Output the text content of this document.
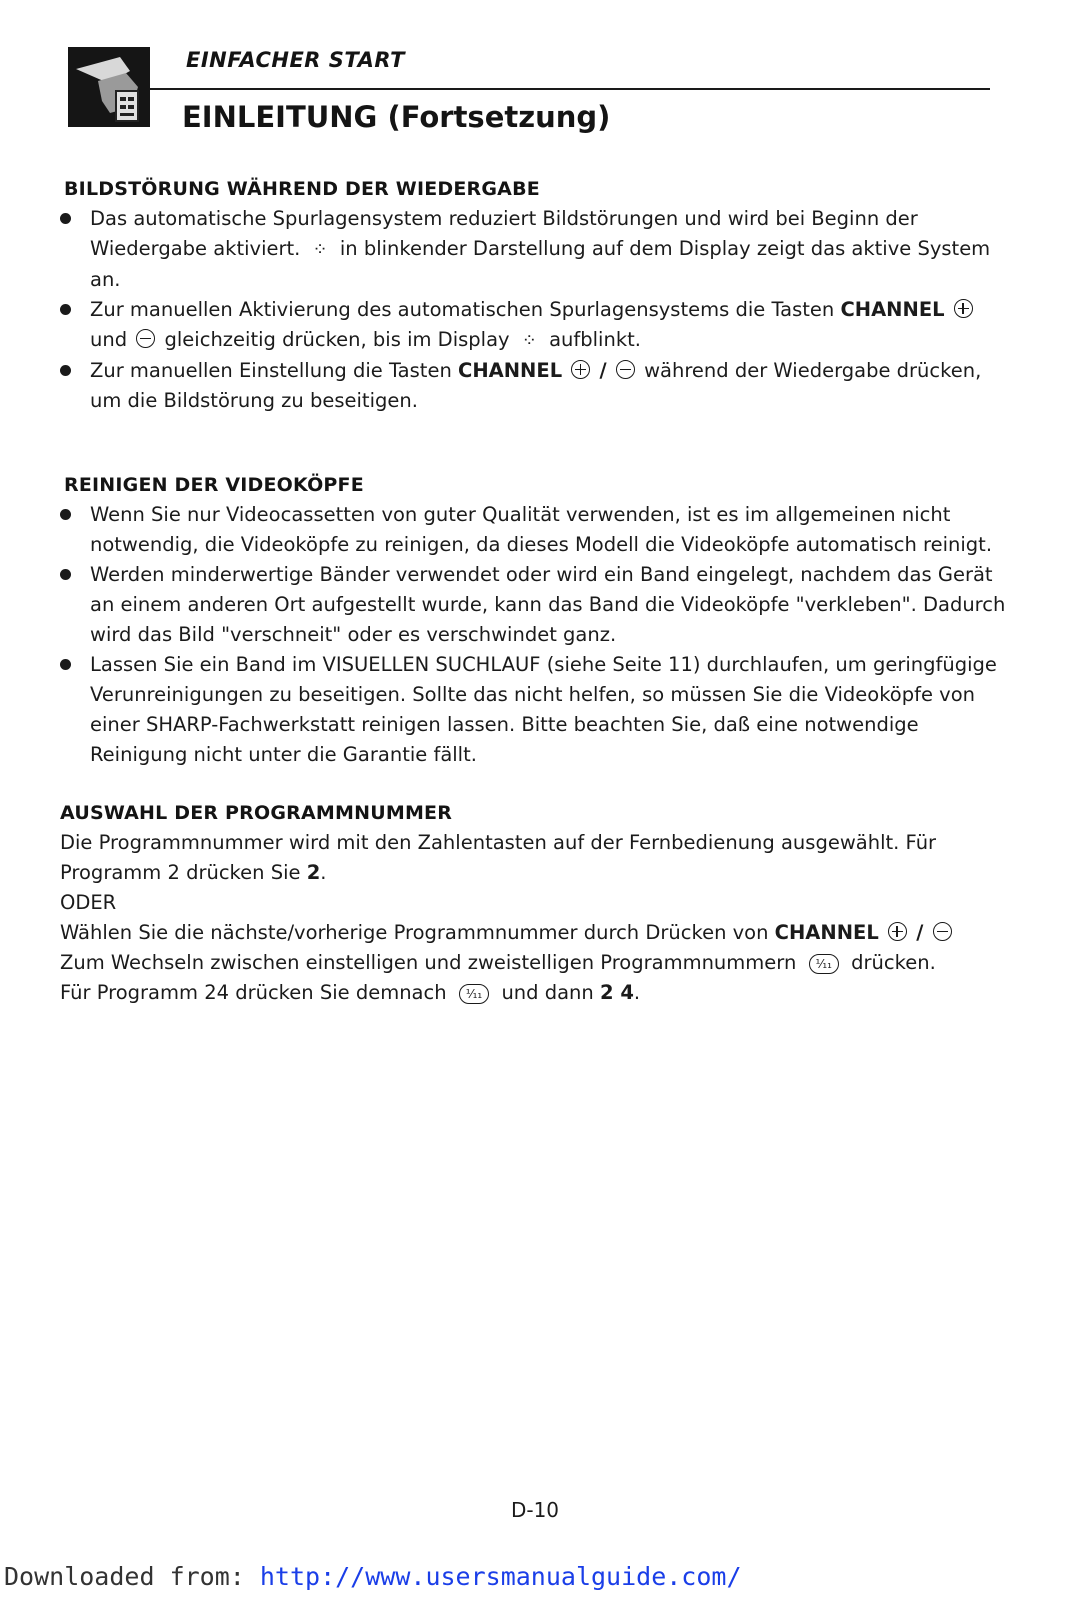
EINFACHER START
EINLEITUNG (Fortsetzung)
BILDSTÖRUNG WÄHREND DER WIEDERGABE
Das automatische Spurlagensystem reduziert Bildstörungen und wird bei Beginn der Wiedergabe aktiviert. ⁘ in blinkender Darstellung auf dem Display zeigt das aktive System an.
Zur manuellen Aktivierung des automatischen Spurlagensystems die Tasten CHANNEL  und gleichzeitig drücken, bis im Display ⁘ aufblinkt.
Zur manuellen Einstellung die Tasten CHANNEL / während der Wiedergabe drücken, um die Bildstörung zu beseitigen.
REINIGEN DER VIDEOKÖPFE
Wenn Sie nur Videocassetten von guter Qualität verwenden, ist es im allgemeinen nicht notwendig, die Videoköpfe zu reinigen, da dieses Modell die Videoköpfe automatisch reinigt.
Werden minderwertige Bänder verwendet oder wird ein Band eingelegt, nachdem das Gerät an einem anderen Ort aufgestellt wurde, kann das Band die Videoköpfe "verkleben". Dadurch wird das Bild "verschneit" oder es verschwindet ganz.
Lassen Sie ein Band im VISUELLEN SUCHLAUF (siehe Seite 11) durchlaufen, um geringfügige Verunreinigungen zu beseitigen. Sollte das nicht helfen, so müssen Sie die Videoköpfe von einer SHARP-Fachwerkstatt reinigen lassen. Bitte beachten Sie, daß eine notwendige Reinigung nicht unter die Garantie fällt.
AUSWAHL DER PROGRAMMNUMMER

Die Programmnummer wird mit den Zahlentasten auf der Fernbedienung ausgewählt. Für Programm 2 drücken Sie 2.

ODER

Wählen Sie die nächste/vorherige Programmnummer durch Drücken von CHANNEL /

Zum Wechseln zwischen einstelligen und zweistelligen Programmnummern ⅟₁₁ drücken.

Für Programm 24 drücken Sie demnach ⅟₁₁ und dann 2 4.

D-10
Downloaded from: http://www.usersmanualguide.com/
